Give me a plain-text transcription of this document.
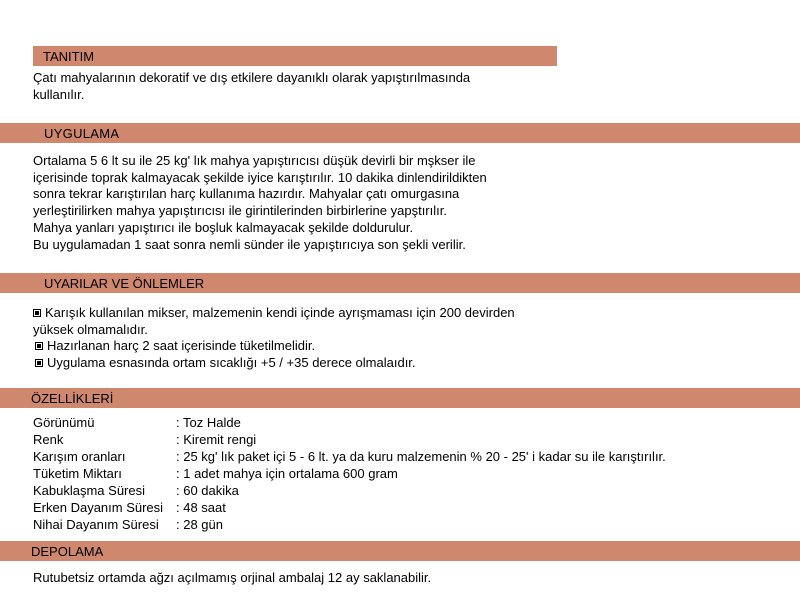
TANITIM
Çatı mahyalarının dekoratif ve dış etkilere dayanıklı olarak yapıştırılmasında
kullanılır.
UYGULAMA
Ortalama 5 6 lt su ile 25 kg' lık mahya yapıştırıcısı düşük devirli bir mşkser ile
içerisinde toprak kalmayacak şekilde iyice karıştırılır. 10 dakika dinlendirildikten
sonra tekrar karıştırılan harç kullanıma hazırdır. Mahyalar çatı omurgasına
yerleştirilirken mahya yapıştırıcısı ile girintilerinden birbirlerine yapştırılır.
Mahya yanları yapıştırıcı ile boşluk kalmayacak şekilde doldurulur.
Bu uygulamadan 1 saat sonra nemli sünder ile yapıştırıcıya son şekli verilir.
UYARILAR VE ÖNLEMLER
Karışık kullanılan mikser, malzemenin kendi içinde ayrışmaması için 200 devirden
yüksek olmamalıdır.
Hazırlanan harç 2 saat içerisinde tüketilmelidir.
Uygulama esnasında ortam sıcaklığı +5 / +35 derece olmalaıdır.
ÖZELLİKLERİ
Görünümü	: Toz Halde
Renk	: Kiremit rengi
Karışım oranları	: 25 kg' lık paket içi 5 - 6 lt. ya da kuru malzemenin % 20 - 25' i kadar su ile karıştırılır.
Tüketim Miktarı	: 1 adet mahya için ortalama 600 gram
Kabuklaşma Süresi	: 60 dakika
Erken Dayanım Süresi	: 48 saat
Nihai Dayanım Süresi	: 28 gün
DEPOLAMA
Rutubetsiz ortamda ağzı açılmamış orjinal ambalaj 12 ay saklanabilir.
